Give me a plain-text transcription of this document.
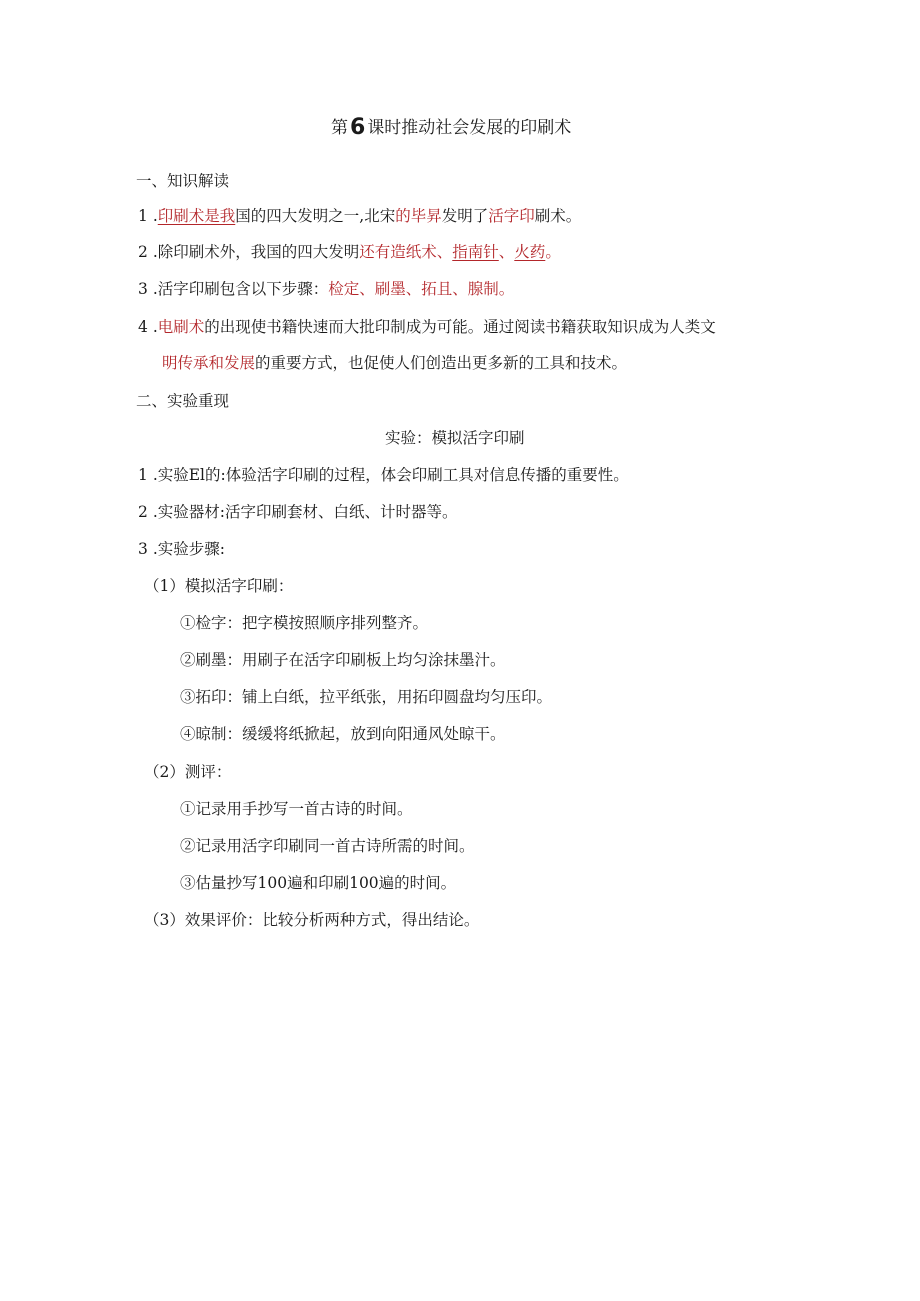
第6 课时推动社会发展的印刷术
一、知识解读
1 .印刷术是我国的四大发明之一,北宋的毕昇发明了活字印刷术。
2 .除印刷术外，我国的四大发明还有造纸术、指南针、火药。
3 .活字印刷包含以下步骤：检定、刷墨、拓且、腺制。
4 .电刷术的出现使书籍快速而大批印制成为可能。通过阅读书籍获取知识成为人类文
明传承和发展的重要方式，也促使人们创造出更多新的工具和技术。
二、实验重现
实验：模拟活字印刷
1 .实验El的:体验活字印刷的过程，体会印刷工具对信息传播的重要性。
2 .实验器材:活字印刷套材、白纸、计时器等。
3 .实验步骤:
（1）模拟活字印刷：
①检字：把字模按照顺序排列整齐。
②刷墨：用刷子在活字印刷板上均匀涂抹墨汁。
③拓印：铺上白纸，拉平纸张，用拓印圆盘均匀压印。
④晾制：缓缓将纸掀起，放到向阳通风处晾干。
（2）测评：
①记录用手抄写一首古诗的时间。
②记录用活字印刷同一首古诗所需的时间。
③估量抄写100遍和印刷100遍的时间。
（3）效果评价：比较分析两种方式，得出结论。
